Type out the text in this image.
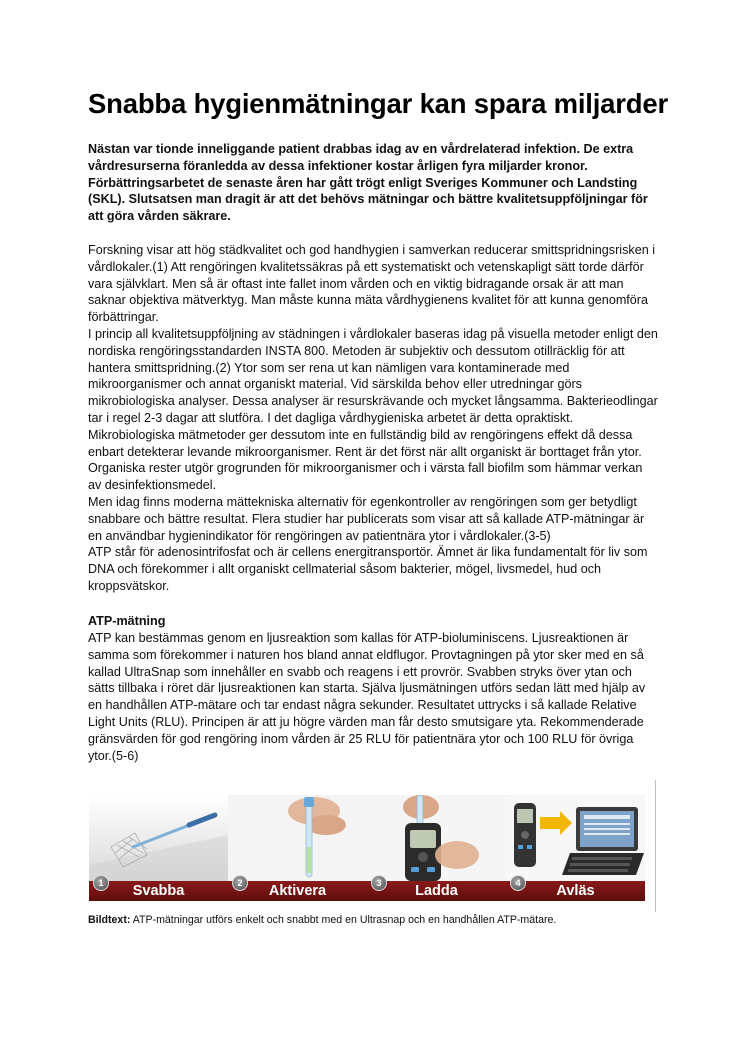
Snabba hygienmätningar kan spara miljarder

Nästan var tionde inneliggande patient drabbas idag av en vårdrelaterad infektion. De extra vårdresurserna föranledda av dessa infektioner kostar årligen fyra miljarder kronor. Förbättringsarbetet de senaste åren har gått trögt enligt Sveriges Kommuner och Landsting (SKL). Slutsatsen man dragit är att det behövs mätningar och bättre kvalitetsuppföljningar för att göra vården säkrare.

Forskning visar att hög städkvalitet och god handhygien i samverkan reducerar smittspridningsrisken i vårdlokaler.(1) Att rengöringen kvalitetssäkras på ett systematiskt och vetenskapligt sätt torde därför vara självklart. Men så är oftast inte fallet inom vården och en viktig bidragande orsak är att man saknar objektiva mätverktyg. Man måste kunna mäta vårdhygienens kvalitet för att kunna genomföra förbättringar.

I princip all kvalitetsuppföljning av städningen i vårdlokaler baseras idag på visuella metoder enligt den nordiska rengöringsstandarden INSTA 800. Metoden är subjektiv och dessutom otillräcklig för att hantera smittspridning.(2) Ytor som ser rena ut kan nämligen vara kontaminerade med mikroorganismer och annat organiskt material. Vid särskilda behov eller utredningar görs mikrobiologiska analyser. Dessa analyser är resurskrävande och mycket långsamma. Bakterieodlingar tar i regel 2-3 dagar att slutföra. I det dagliga vårdhygieniska arbetet är detta opraktiskt. Mikrobiologiska mätmetoder ger dessutom inte en fullständig bild av rengöringens effekt då dessa enbart detekterar levande mikroorganismer. Rent är det först när allt organiskt är borttaget från ytor. Organiska rester utgör grogrunden för mikroorganismer och i värsta fall biofilm som hämmar verkan av desinfektionsmedel.

Men idag finns moderna mättekniska alternativ för egenkontroller av rengöringen som ger betydligt snabbare och bättre resultat. Flera studier har publicerats som visar att så kallade ATP-mätningar är en användbar hygienindikator för rengöringen av patientnära ytor i vårdlokaler.(3-5)

ATP står för adenosintrifosfat och är cellens energitransportör. Ämnet är lika fundamentalt för liv som DNA och förekommer i allt organiskt cellmaterial såsom bakterier, mögel, livsmedel, hud och kroppsvätskor.

ATP-mätning

ATP kan bestämmas genom en ljusreaktion som kallas för ATP-bioluminiscens. Ljusreaktionen är samma som förekommer i naturen hos bland annat eldflugor. Provtagningen på ytor sker med en så kallad UltraSnap som innehåller en svabb och reagens i ett provrör. Svabben stryks över ytan och sätts tillbaka i röret där ljusreaktionen kan starta. Själva ljusmätningen utförs sedan lätt med hjälp av en handhållen ATP-mätare och tar endast några sekunder. Resultatet uttrycks i så kallade Relative Light Units (RLU). Principen är att ju högre värden man får desto smutsigare yta. Rekommenderade gränsvärden för god rengöring inom vården är 25 RLU för patientnära ytor och 100 RLU för övriga ytor.(5-6)

1	Svabba	2	Aktivera	3	Ladda	4	Avläs
Bildtext: ATP-mätningar utförs enkelt och snabbt med en Ultrasnap och en handhållen ATP-mätare.
